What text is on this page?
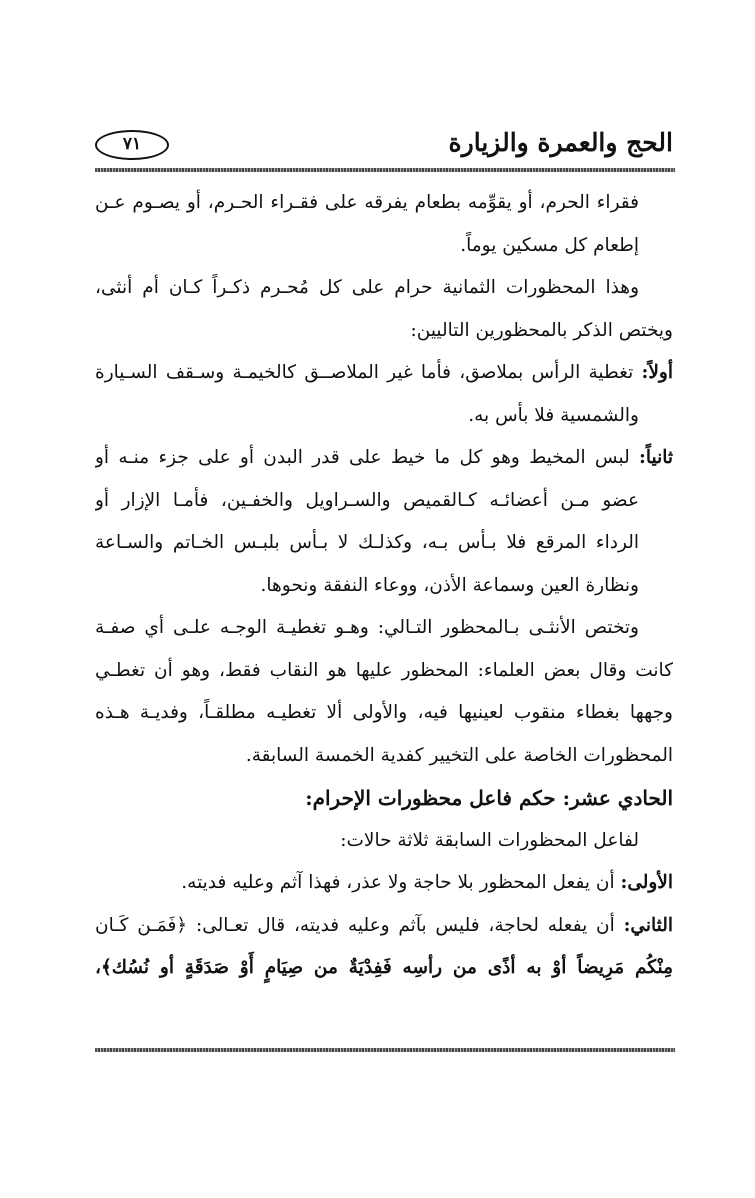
الحج والعمرة والزيارة
٧١
فقراء الحرم، أو يقوِّمه بطعام يفرقه على فقـراء الحـرم، أو يصـوم عـن
إطعام كل مسكين يوماً.
وهذا المحظورات الثمانية حرام على كل مُحـرم ذكـراً كـان أم أنثى،
ويختص الذكر بالمحظورين التاليين:
أولاً: تغطية الرأس بملاصق، فأما غير الملاصــق كالخيمـة وسـقف السـيارة
والشمسية فلا بأس به.
ثانياً: لبس المخيط وهو كل ما خيط على قدر البدن أو على جزء منـه أو
عضو مـن أعضائـه كـالقميص والسـراويل والخفـين، فأمـا الإزار أو
الرداء المرقع فلا بـأس بـه، وكذلـك لا بـأس بلبـس الخـاتم والسـاعة
ونظارة العين وسماعة الأذن، ووعاء النفقة ونحوها.
وتختص الأنثـى بـالمحظور التـالي: وهـو تغطيـة الوجـه علـى أي صفـة
كانت وقال بعض العلماء: المحظور عليها هو النقاب فقط، وهو أن تغطـي
وجهها بغطاء منقوب لعينيها فيه، والأولى ألا تغطيـه مطلقـاً، وفديـة هـذه
المحظورات الخاصة على التخيير كفدية الخمسة السابقة.
الحادي عشر: حكم فاعل محظورات الإحرام:
لفاعل المحظورات السابقة ثلاثة حالات:
الأولى: أن يفعل المحظور بلا حاجة ولا عذر، فهذا آثم وعليه فديته.
الثاني: أن يفعله لحاجة، فليس بآثم وعليه فديته، قال تعـالى: ﴿فَمَـن كَـان
مِنْكُم مَرِيضاً أوْ به أذًى من رأسِه فَفِدْيَةٌ من صِيَامٍ أَوْ صَدَقَةٍ أو نُسُك﴾،
